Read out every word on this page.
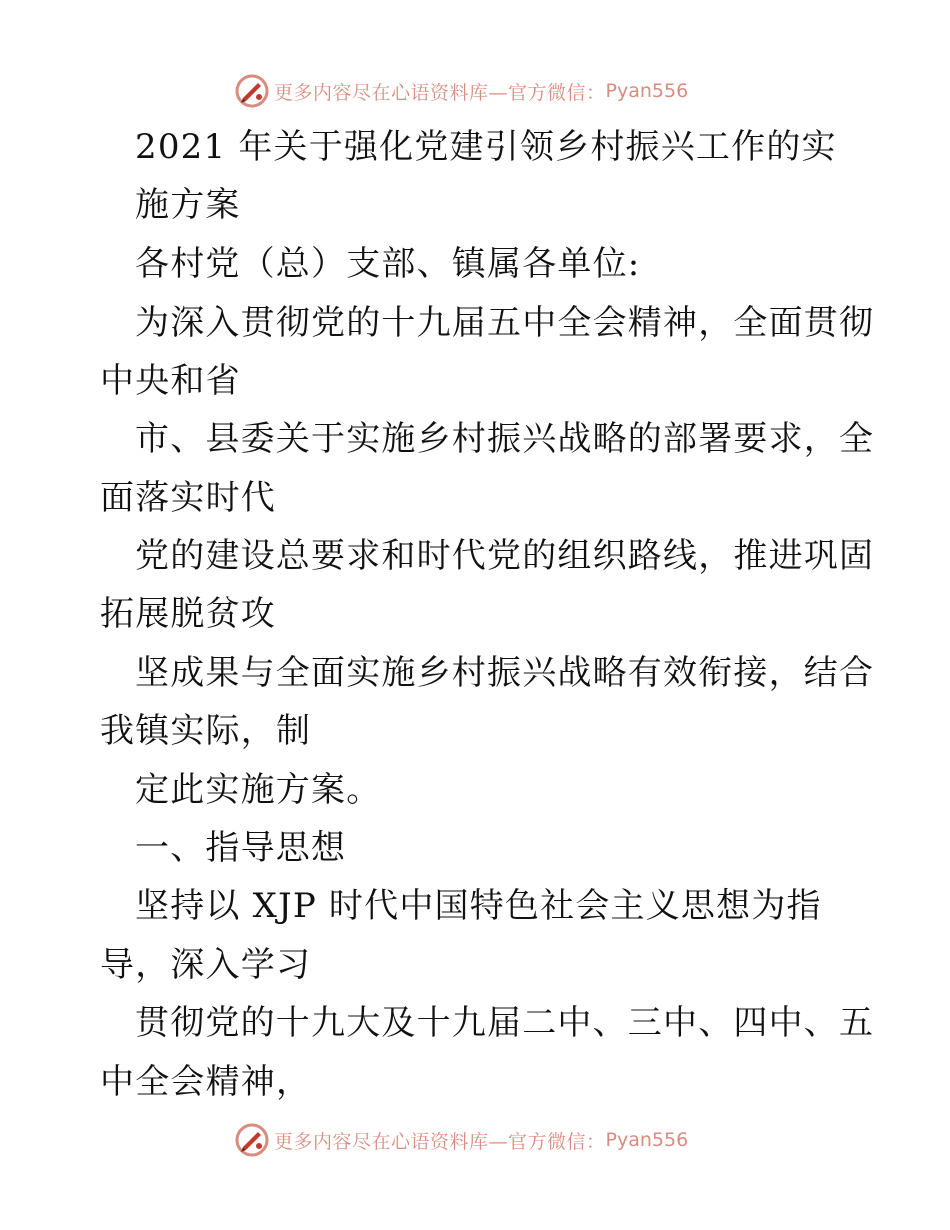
更多内容尽在心语资料库—官方微信： Pyan556
2021 年关于强化党建引领乡村振兴工作的实
施方案
各村党（总）支部、镇属各单位:
为深入贯彻党的十九届五中全会精神，全面贯彻
中央和省
市、县委关于实施乡村振兴战略的部署要求，全
面落实时代
党的建设总要求和时代党的组织路线，推进巩固
拓展脱贫攻
坚成果与全面实施乡村振兴战略有效衔接，结合
我镇实际，制
定此实施方案。
一、指导思想
坚持以 XJP 时代中国特色社会主义思想为指
导，深入学习
贯彻党的十九大及十九届二中、三中、四中、五
中全会精神，
更多内容尽在心语资料库—官方微信： Pyan556
